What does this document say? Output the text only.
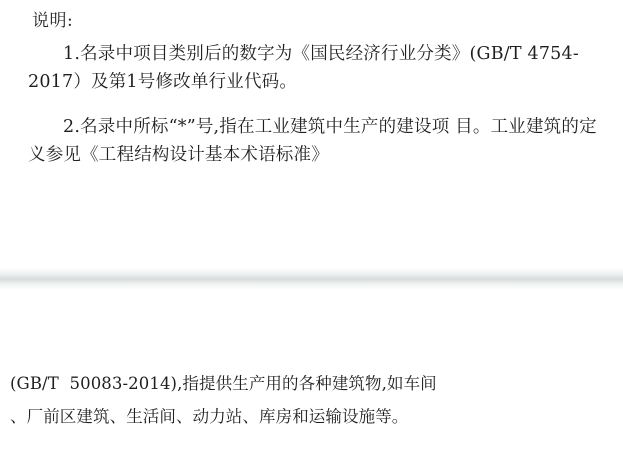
说明:
1.名录中项目类别后的数字为《国民经济行业分类》(GB/T 4754-2017）及第1号修改单行业代码。
2.名录中所标“*”号,指在工业建筑中生产的建设项 目。工业建筑的定义参见《工程结构设计基本术语标准》
(GB/T  50083-2014),指提供生产用的各种建筑物,如车间
、厂前区建筑、生活间、动力站、库房和运输设施等。
